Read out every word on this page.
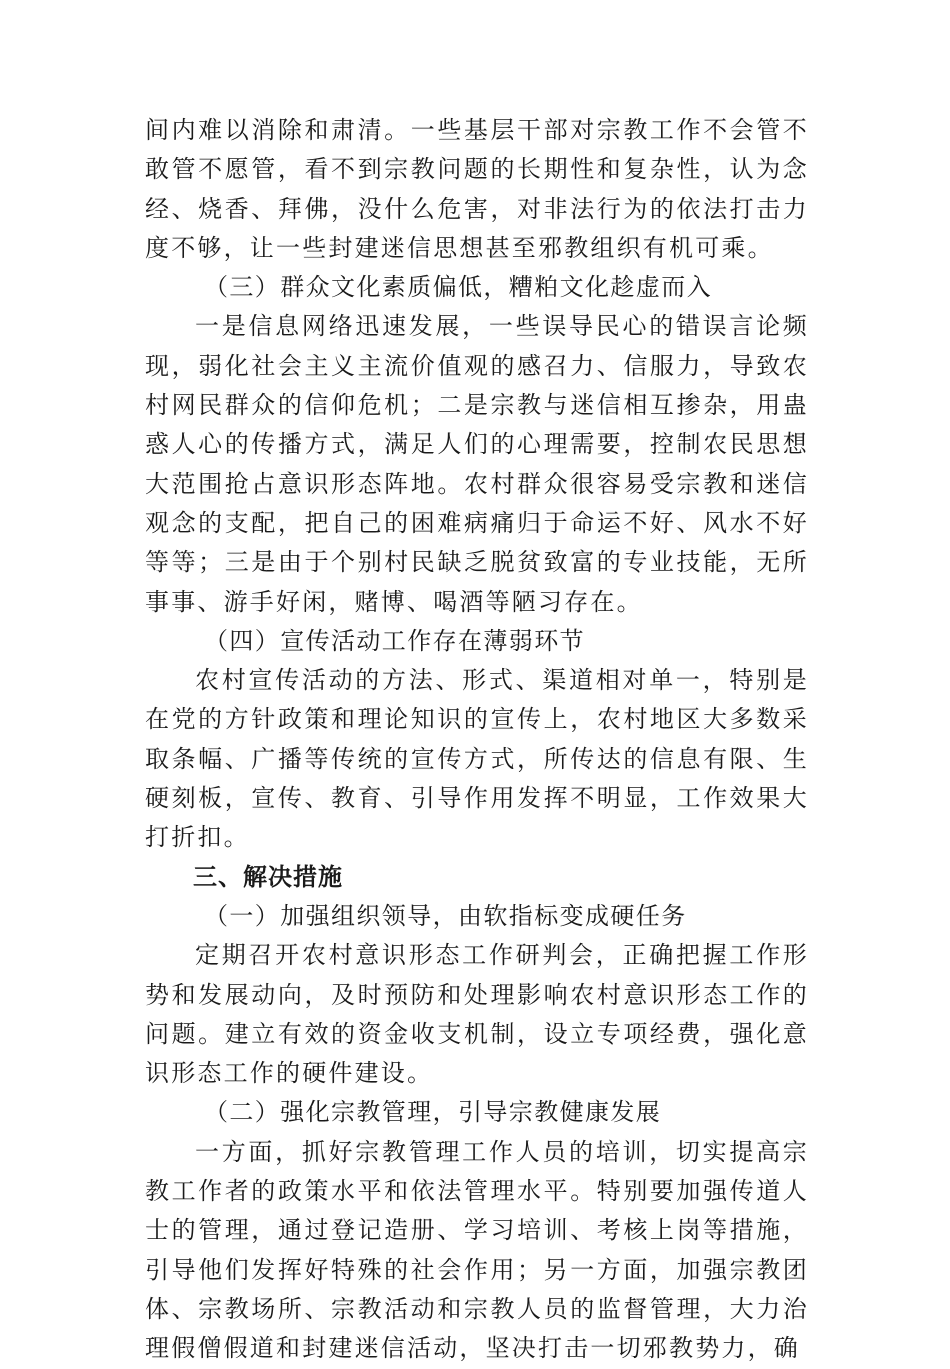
间内难以消除和肃清。一些基层干部对宗教工作不会管不敢管不愿管，看不到宗教问题的长期性和复杂性，认为念经、烧香、拜佛，没什么危害，对非法行为的依法打击力度不够，让一些封建迷信思想甚至邪教组织有机可乘。

（三）群众文化素质偏低，糟粕文化趁虚而入

一是信息网络迅速发展，一些误导民心的错误言论频现，弱化社会主义主流价值观的感召力、信服力，导致农村网民群众的信仰危机；二是宗教与迷信相互掺杂，用蛊惑人心的传播方式，满足人们的心理需要，控制农民思想大范围抢占意识形态阵地。农村群众很容易受宗教和迷信观念的支配，把自己的困难病痛归于命运不好、风水不好等等；三是由于个别村民缺乏脱贫致富的专业技能，无所事事、游手好闲，赌博、喝酒等陋习存在。

（四）宣传活动工作存在薄弱环节

农村宣传活动的方法、形式、渠道相对单一，特别是在党的方针政策和理论知识的宣传上，农村地区大多数采取条幅、广播等传统的宣传方式，所传达的信息有限、生硬刻板，宣传、教育、引导作用发挥不明显，工作效果大打折扣。

三、解决措施

（一）加强组织领导，由软指标变成硬任务

定期召开农村意识形态工作研判会，正确把握工作形势和发展动向，及时预防和处理影响农村意识形态工作的问题。建立有效的资金收支机制，设立专项经费，强化意识形态工作的硬件建设。

（二）强化宗教管理，引导宗教健康发展

一方面，抓好宗教管理工作人员的培训，切实提高宗教工作者的政策水平和依法管理水平。特别要加强传道人士的管理，通过登记造册、学习培训、考核上岗等措施，引导他们发挥好特殊的社会作用；另一方面，加强宗教团体、宗教场所、宗教活动和宗教人员的监督管理，大力治理假僧假道和封建迷信活动，坚决打击一切邪教势力，确
